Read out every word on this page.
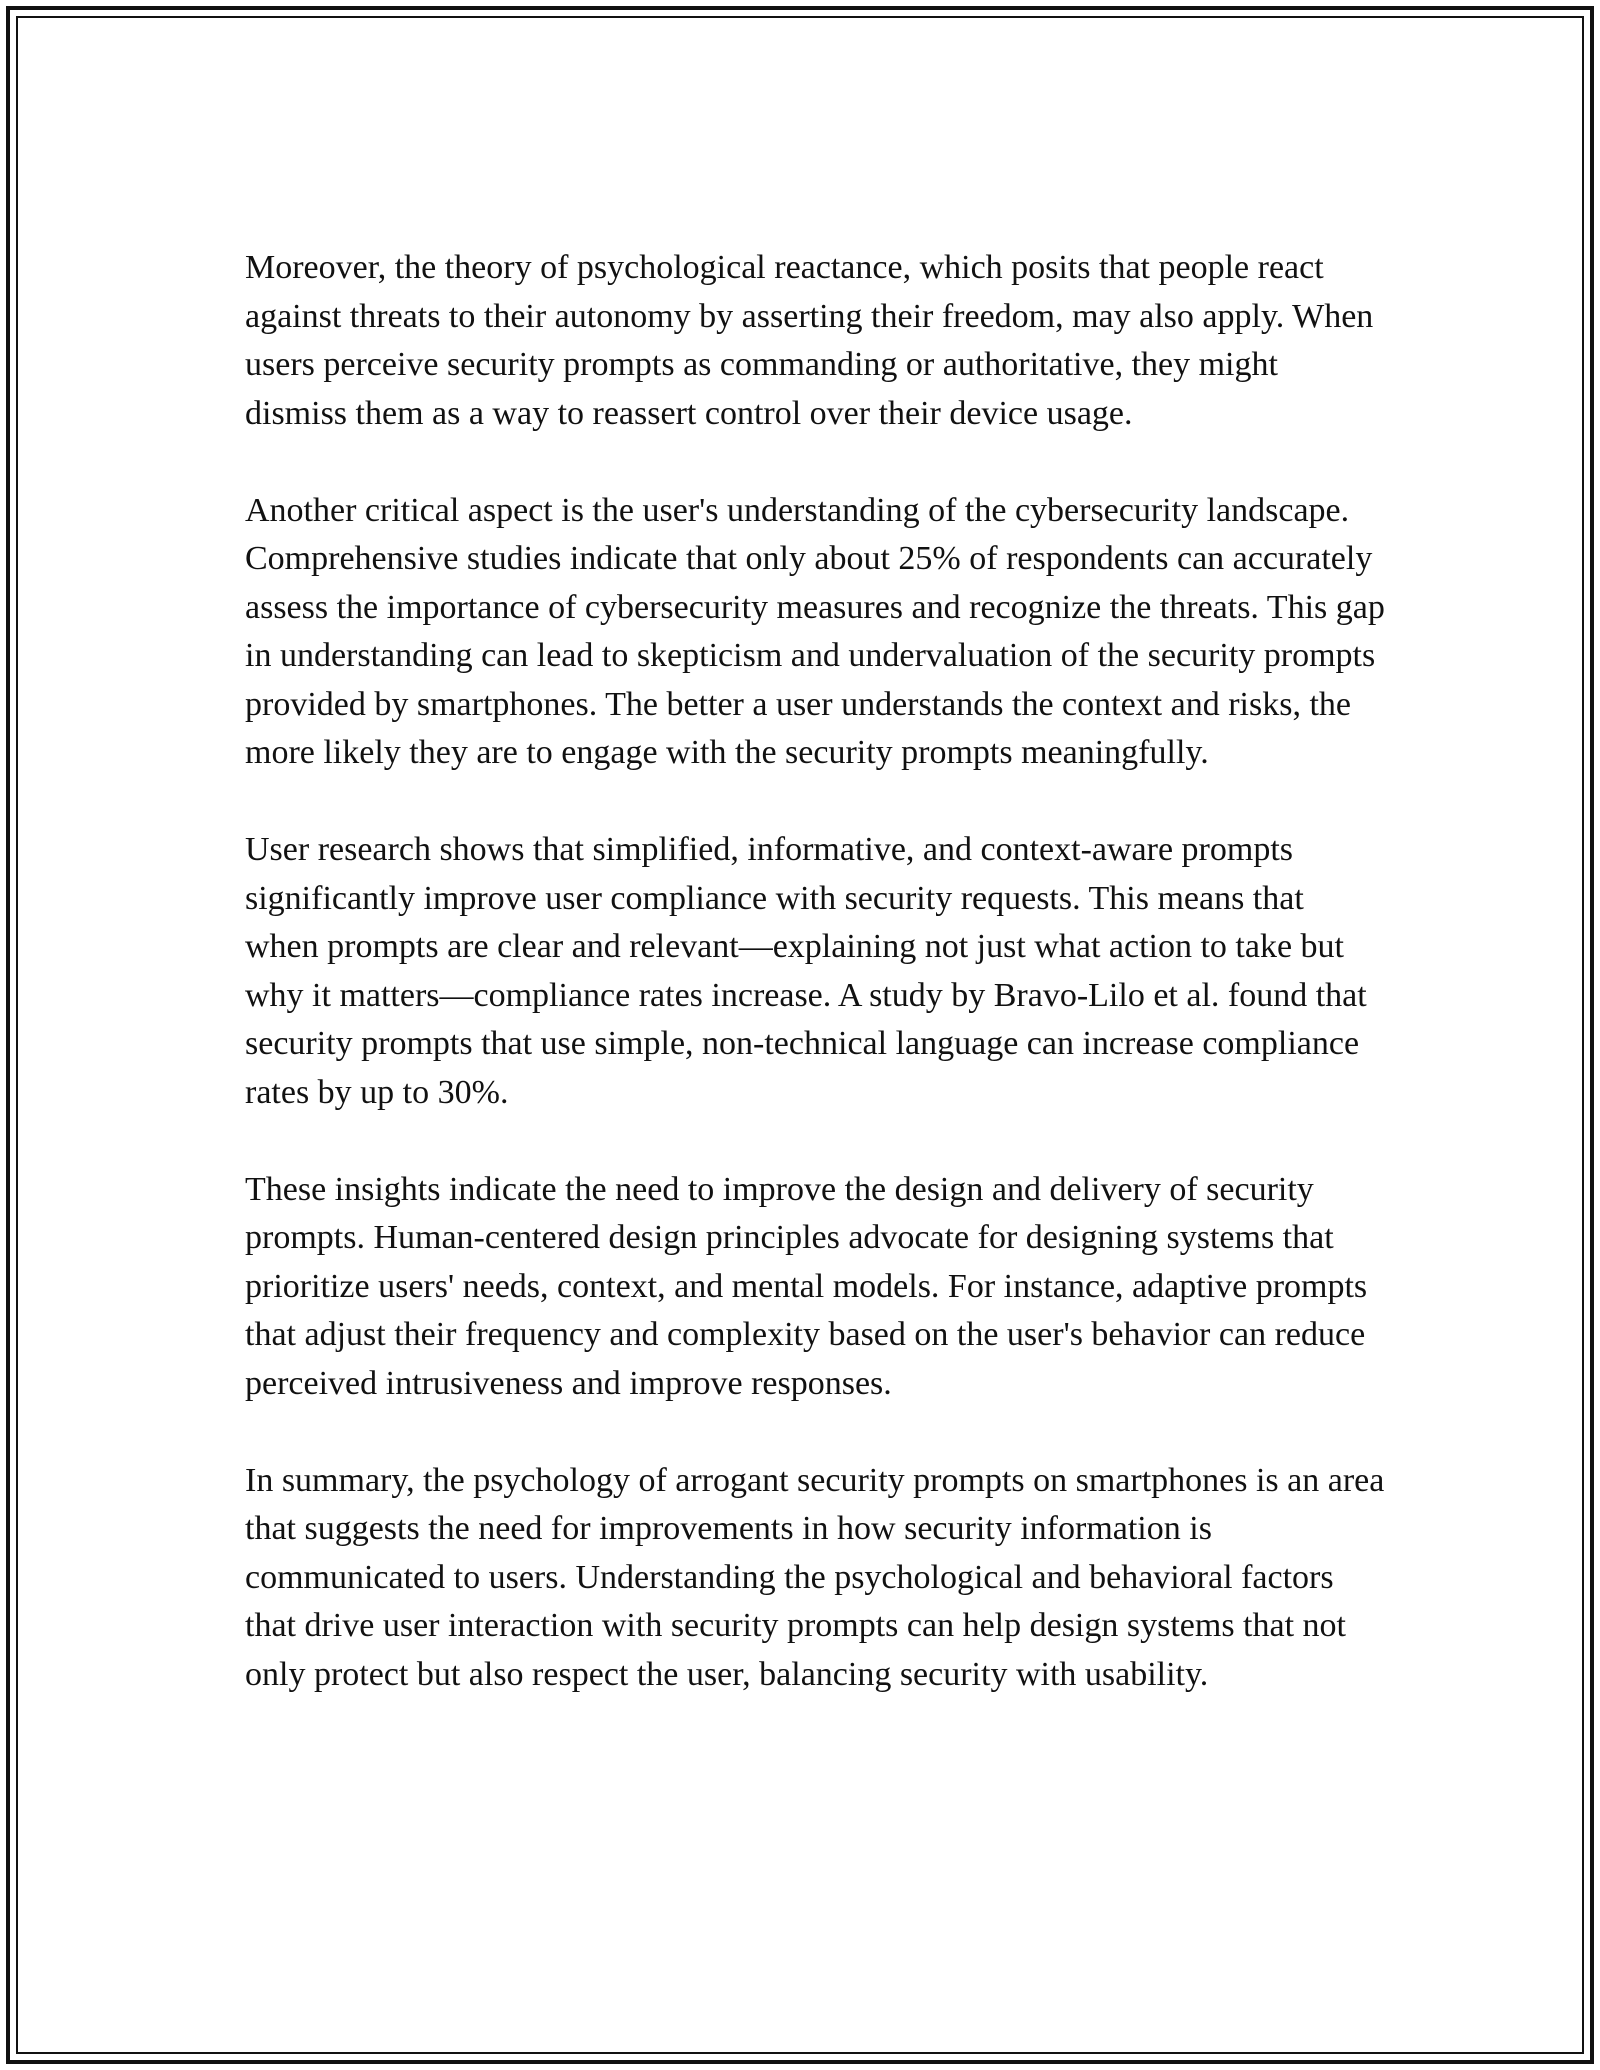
Moreover, the theory of psychological reactance, which posits that people react against threats to their autonomy by asserting their freedom, may also apply. When users perceive security prompts as commanding or authoritative, they might dismiss them as a way to reassert control over their device usage.

Another critical aspect is the user's understanding of the cybersecurity landscape. Comprehensive studies indicate that only about 25% of respondents can accurately assess the importance of cybersecurity measures and recognize the threats. This gap in understanding can lead to skepticism and undervaluation of the security prompts provided by smartphones. The better a user understands the context and risks, the more likely they are to engage with the security prompts meaningfully.

User research shows that simplified, informative, and context-aware prompts significantly improve user compliance with security requests. This means that when prompts are clear and relevant—explaining not just what action to take but why it matters—compliance rates increase. A study by Bravo-Lilo et al. found that security prompts that use simple, non-technical language can increase compliance rates by up to 30%.

These insights indicate the need to improve the design and delivery of security prompts. Human-centered design principles advocate for designing systems that prioritize users' needs, context, and mental models. For instance, adaptive prompts that adjust their frequency and complexity based on the user's behavior can reduce perceived intrusiveness and improve responses.

In summary, the psychology of arrogant security prompts on smartphones is an area that suggests the need for improvements in how security information is communicated to users. Understanding the psychological and behavioral factors that drive user interaction with security prompts can help design systems that not only protect but also respect the user, balancing security with usability.
